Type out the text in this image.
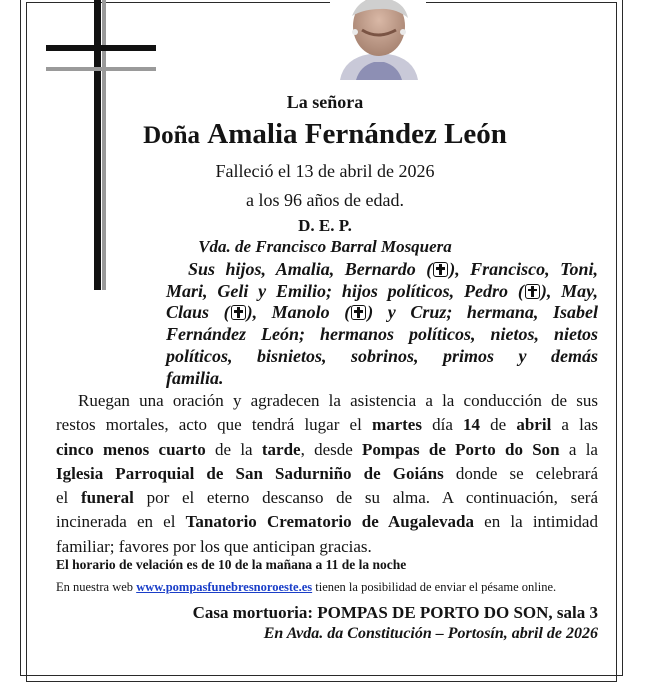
La señora
Doña Amalia Fernández León
Falleció el 13 de abril de 2026
a los 96 años de edad.
D. E. P.
Vda. de Francisco Barral Mosquera
Sus hijos, Amalia, Bernardo ( ), Francisco, Toni,
Mari, Geli y Emilio; hijos políticos, Pedro ( ), May,
Claus ( ), Manolo ( ) y Cruz; hermana, Isabel
Fernández León; hermanos políticos, nietos, nietos
políticos, bisnietos, sobrinos, primos y demás
familia.
Ruegan una oración y agradecen la asistencia a la conducción de sus
restos mortales, acto que tendrá lugar el martes día 14 de abril a las
cinco menos cuarto de la tarde, desde Pompas de Porto do Son a la
Iglesia Parroquial de San Sadurniño de Goiáns donde se celebrará
el funeral por el eterno descanso de su alma. A continuación, será
incinerada en el Tanatorio Crematorio de Augalevada en la intimidad
familiar; favores por los que anticipan gracias.
El horario de velación es de 10 de la mañana a 11 de la noche
En nuestra web www.pompasfunebresnoroeste.es tienen la posibilidad de enviar el pésame online.
Casa mortuoria: POMPAS DE PORTO DO SON, sala 3
En Avda. da Constitución – Portosín, abril de 2026
